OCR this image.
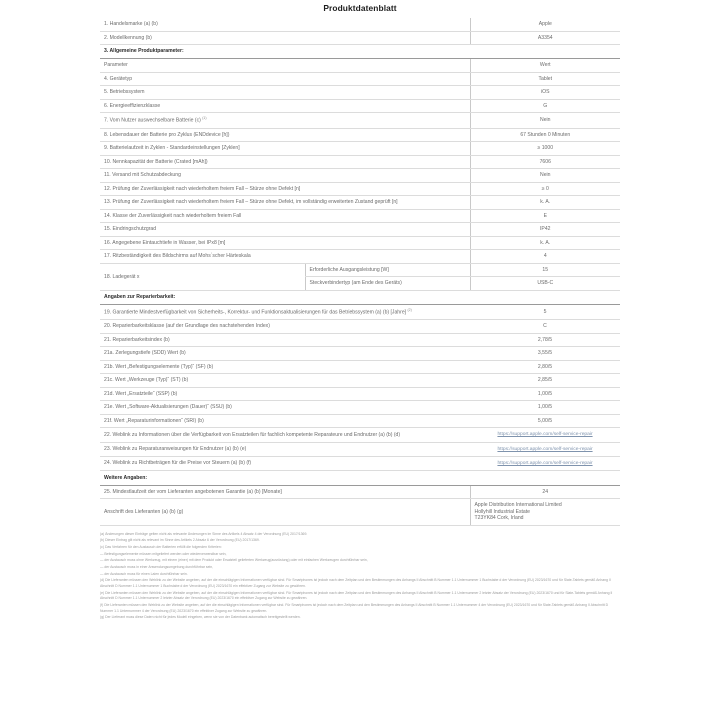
Produktdatenblatt
1. Handelsmarke (a) (b)		Apple
2. Modellkennung (b)		A3354
3. Allgemeine Produktparameter:		
Parameter		Wert
4. Gerätetyp		Tablet
5. Betriebssystem		iOS
6. Energieeffizienzklasse		G
7. Vom Nutzer auswechselbare Batterie (c) $^{(1)}$		Nein
8. Lebensdauer der Batterie pro Zyklus (ENDdevice [h])		67 Stunden 0 Minuten
9. Batterielaufzeit in Zyklen - Standardeinstellungen [Zyklen]		≥ 1000
10. Nennkapazität der Batterie (Crated [mAh])		7606
11. Versand mit Schutzabdeckung		Nein
12. Prüfung der Zuverlässigkeit nach wiederholtem freiem Fall – Stürze ohne Defekt [n]		≥ 0
13. Prüfung der Zuverlässigkeit nach wiederholtem freiem Fall – Stürze ohne Defekt, im vollständig erweiterten Zustand geprüft [n]		k. A.
14. Klasse der Zuverlässigkeit nach wiederholtem freiem Fall		E
15. Eindringschutzgrad		IP42
16. Angegebene Eintauchtiefe in Wasser, bei IPx8 [m]		k. A.
17. Ritzbeständigkeit des Bildschirms auf Mohs´scher Härteskala		4
18. Ladegerät x	Erforderliche Ausgangsleistung [W]	15
	Steckverbindertyp (am Ende des Geräts)	USB-C
Angaben zur Reparierbarkeit:		
19. Garantierte Mindestverfügbarkeit von Sicherheits-, Korrektur- und Funktionsaktualisierungen für das Betriebssystem (a) (b) [Jahre] $^{(2)}$		5
20. Reparierbarkeitsklasse (auf der Grundlage des nachstehenden Index)		C
21. Reparierbarkeitsindex (b)		2,78/5
21a. Zerlegungstiefe (SDD) Wert (b)		3,55/5
21b. Wert „Befestigungselemente (Typ)“ (SF) (b)		2,80/5
21c. Wert „Werkzeuge (Typ)“ (ST) (b)		2,85/5
21d. Wert „Ersatzteile“ (SSP) (b)		1,00/5
21e. Wert „Software-Aktualisierungen (Dauer)“ (SSU) (b)		1,00/5
21f. Wert „Reparaturinformationen“ (SRI) (b)		5,00/5
22. Weblink zu Informationen über die Verfügbarkeit von Ersatzteilen für fachlich kompetente Reparateure und Endnutzer (a) (b) (d)		https://support.apple.com/self-service-repair
23. Weblink zu Reparaturanweisungen für Endnutzer (a) (b) (e)		https://support.apple.com/self-service-repair
24. Weblink zu Richtbeträgen für die Preise vor Steuern (a) (b) (f)		https://support.apple.com/self-service-repair
Weitere Angaben:		
25. Mindestlaufzeit der vom Lieferanten angebotenen Garantie (a) (b) [Monate]		24
Anschrift des Lieferanten (a) (b) (g)		Apple Distribution International Limited
Hollyhill Industrial Estate
T23YK84 Cork, Irland

(a) Änderungen dieser Einträge gelten nicht als relevante Änderungen im Sinne des Artikels 4 Absatz 4 der Verordnung (EU) 2017/1369.

(b) Dieser Eintrag gilt nicht als relevant im Sinne des Artikels 2 Absatz 6 der Verordnung (EU) 2017/1369.

(c) Das Verfahren für den Austausch der Batterien erfüllt die folgenden Kriterien:

— Befestigungselemente müssen mitgeliefert werden oder wiederverwendbar sein,

— der Austausch muss ohne Werkzeug, mit einem (einer) mit dem Produkt oder Ersatzteil gelieferten Werkzeug(ausrüstung) oder mit einfachen Werkzeugen durchführbar sein,

— der Austausch muss in einer Anwendungsumgebung durchführbar sein,

— der Austausch muss für einen Laien durchführbar sein.

(d) Die Lieferanten müssen den Weblink zu der Website angeben, auf der die einschlägigen Informationen verfügbar sind. Für Smartphones ist jedoch nach dem Zeitplan und den Bestimmungen des Anhangs II Abschnitt B Nummer 1.1 Unternummer 1 Buchstabe d der Verordnung (EU) 2023/1670 und für Slate-Tablets gemäß Anhang II Abschnitt D Nummer 1.1 Unternummer 1 Buchstabe d der Verordnung (EU) 2023/1670 ein effektiver Zugang zur Website zu gewähren.

(e) Die Lieferanten müssen den Weblink zu der Website angeben, auf der die einschlägigen Informationen verfügbar sind. Für Smartphones ist jedoch nach dem Zeitplan und den Bestimmungen des Anhangs II Abschnitt B Nummer 1.1 Unternummer 2 letzter Absatz der Verordnung (EU) 2023/1670 und für Slate-Tablets gemäß Anhang II Abschnitt D Nummer 1.1 Unternummer 2 letzter Absatz der Verordnung (EU) 2023/1670 ein effektiver Zugang zur Website zu gewähren.

(f) Die Lieferanten müssen den Weblink zu der Website angeben, auf der die einschlägigen Informationen verfügbar sind. Für Smartphones ist jedoch nach dem Zeitplan und den Bestimmungen des Anhangs II Abschnitt B Nummer 1.1 Unternummer 4 der Verordnung (EU) 2023/1670 und für Slate-Tablets gemäß Anhang II Abschnitt D Nummer 1.1 Unternummer 4 der Verordnung (EU) 2023/1670 ein effektiver Zugang zur Website zu gewähren.

(g) Der Lieferant muss diese Daten nicht für jedes Modell eingeben, wenn sie von der Datenbank automatisch bereitgestellt werden.
